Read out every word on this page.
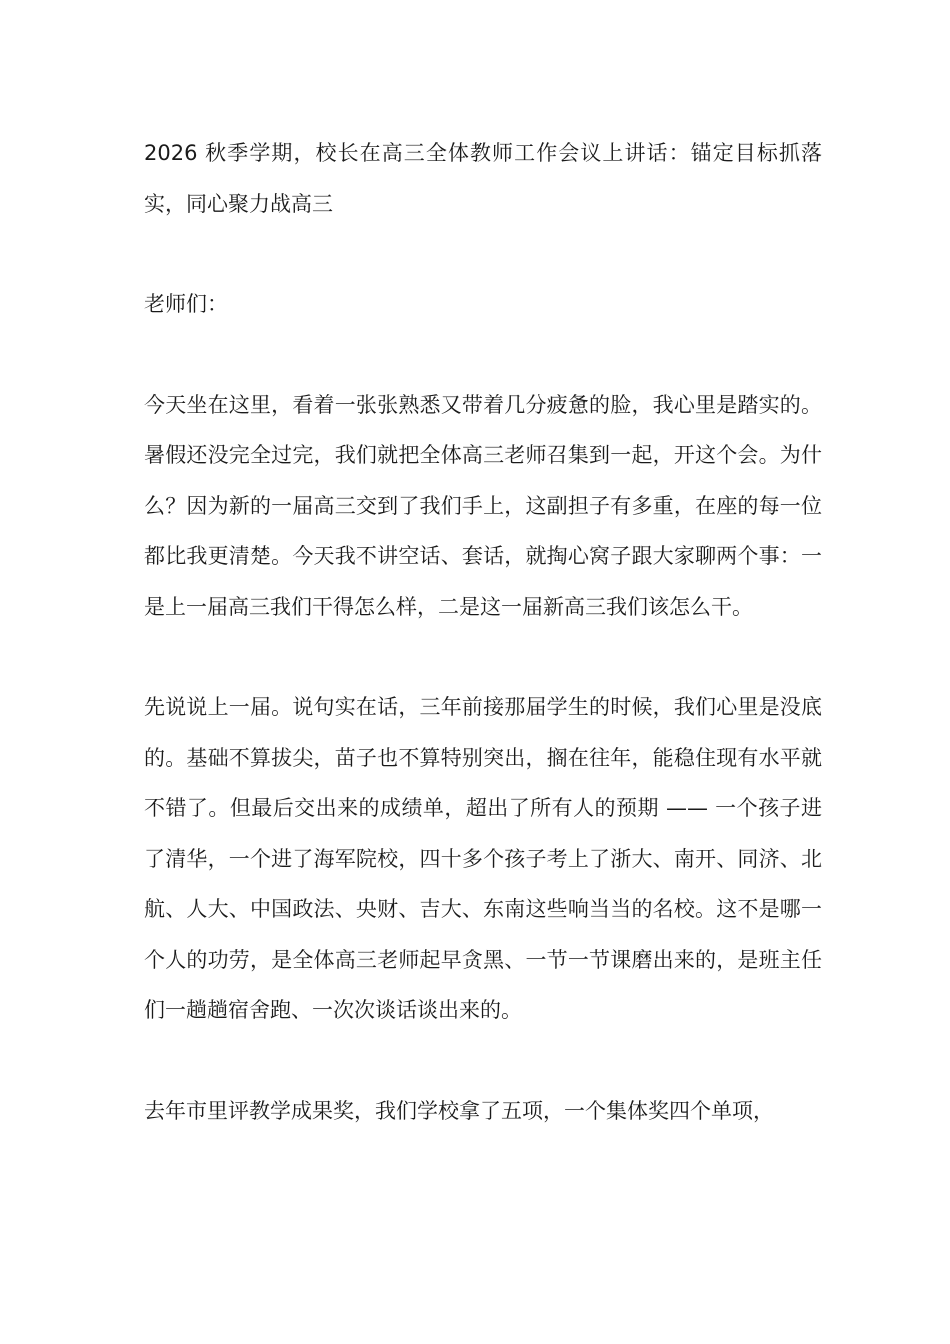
2026 秋季学期，校长在高三全体教师工作会议上讲话：锚定目标抓落实，同心聚力战高三

老师们：

今天坐在这里，看着一张张熟悉又带着几分疲惫的脸，我心里是踏实的。暑假还没完全过完，我们就把全体高三老师召集到一起，开这个会。为什么？因为新的一届高三交到了我们手上，这副担子有多重，在座的每一位都比我更清楚。今天我不讲空话、套话，就掏心窝子跟大家聊两个事：一是上一届高三我们干得怎么样，二是这一届新高三我们该怎么干。

先说说上一届。说句实在话，三年前接那届学生的时候，我们心里是没底的。基础不算拔尖，苗子也不算特别突出，搁在往年，能稳住现有水平就不错了。但最后交出来的成绩单，超出了所有人的预期 —— 一个孩子进了清华，一个进了海军院校，四十多个孩子考上了浙大、南开、同济、北航、人大、中国政法、央财、吉大、东南这些响当当的名校。这不是哪一个人的功劳，是全体高三老师起早贪黑、一节一节课磨出来的，是班主任们一趟趟宿舍跑、一次次谈话谈出来的。

去年市里评教学成果奖，我们学校拿了五项，一个集体奖四个单项，
